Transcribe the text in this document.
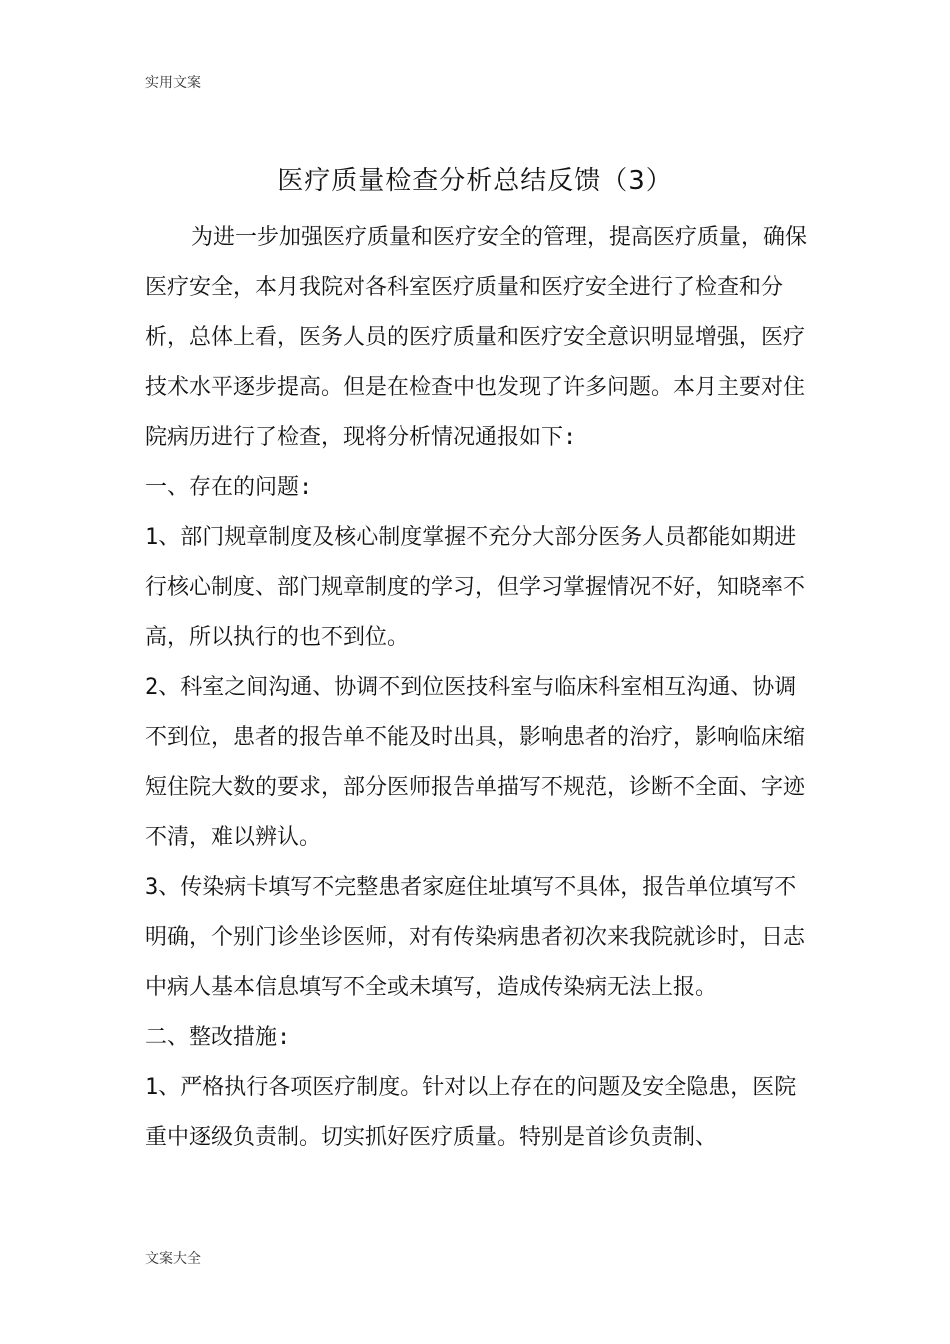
实用文案
医疗质量检查分析总结反馈（3）

为进一步加强医疗质量和医疗安全的管理，提高医疗质量，确保医疗安全，本月我院对各科室医疗质量和医疗安全进行了检查和分析，总体上看，医务人员的医疗质量和医疗安全意识明显增强，医疗技术水平逐步提高。但是在检查中也发现了许多问题。本月主要对住院病历进行了检查，现将分析情况通报如下:

一、存在的问题:

1、部门规章制度及核心制度掌握不充分大部分医务人员都能如期进行核心制度、部门规章制度的学习，但学习掌握情况不好，知晓率不高，所以执行的也不到位。

2、科室之间沟通、协调不到位医技科室与临床科室相互沟通、协调不到位，患者的报告单不能及时出具，影响患者的治疗，影响临床缩短住院大数的要求，部分医师报告单描写不规范，诊断不全面、字迹不清，难以辨认。

3、传染病卡填写不完整患者家庭住址填写不具体，报告单位填写不明确，个别门诊坐诊医师，对有传染病患者初次来我院就诊时，日志中病人基本信息填写不全或未填写，造成传染病无法上报。

二、整改措施:

1、严格执行各项医疗制度。针对以上存在的问题及安全隐患，医院重中逐级负责制。切实抓好医疗质量。特别是首诊负责制、

文案大全
